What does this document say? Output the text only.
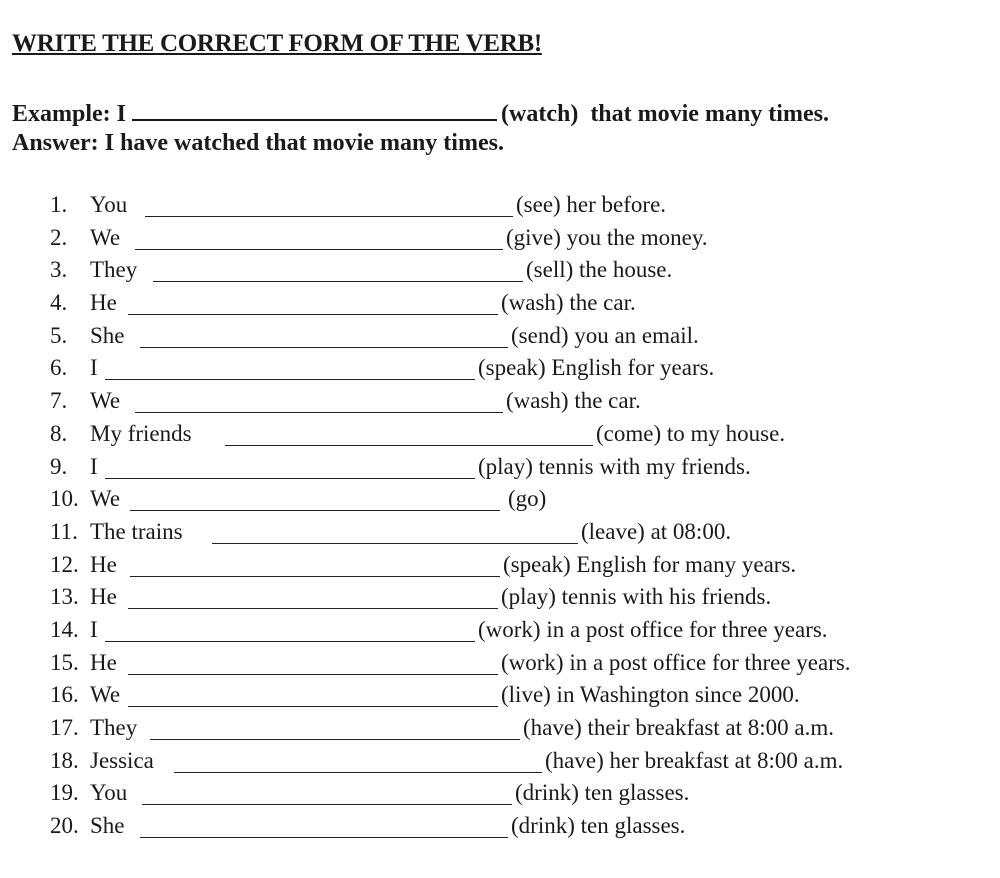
WRITE THE CORRECT FORM OF THE VERB!
Example: I	(watch) that movie many times.
Answer: I have watched that movie many times.
1. You	(see) her before.
2. We	(give) you the money.
3. They	(sell) the house.
4. He	(wash) the car.
5. She	(send) you an email.
6. I	(speak) English for years.
7. We	(wash) the car.
8. My friends	(come) to my house.
9. I	(play) tennis with my friends.
10. We	(go)
11. The trains	(leave) at 08:00.
12. He	(speak) English for many years.
13. He	(play) tennis with his friends.
14. I	(work) in a post office for three years.
15. He	(work) in a post office for three years.
16. We	(live) in Washington since 2000.
17. They	(have) their breakfast at 8:00 a.m.
18. Jessica	(have) her breakfast at 8:00 a.m.
19. You	(drink) ten glasses.
20. She	(drink) ten glasses.
